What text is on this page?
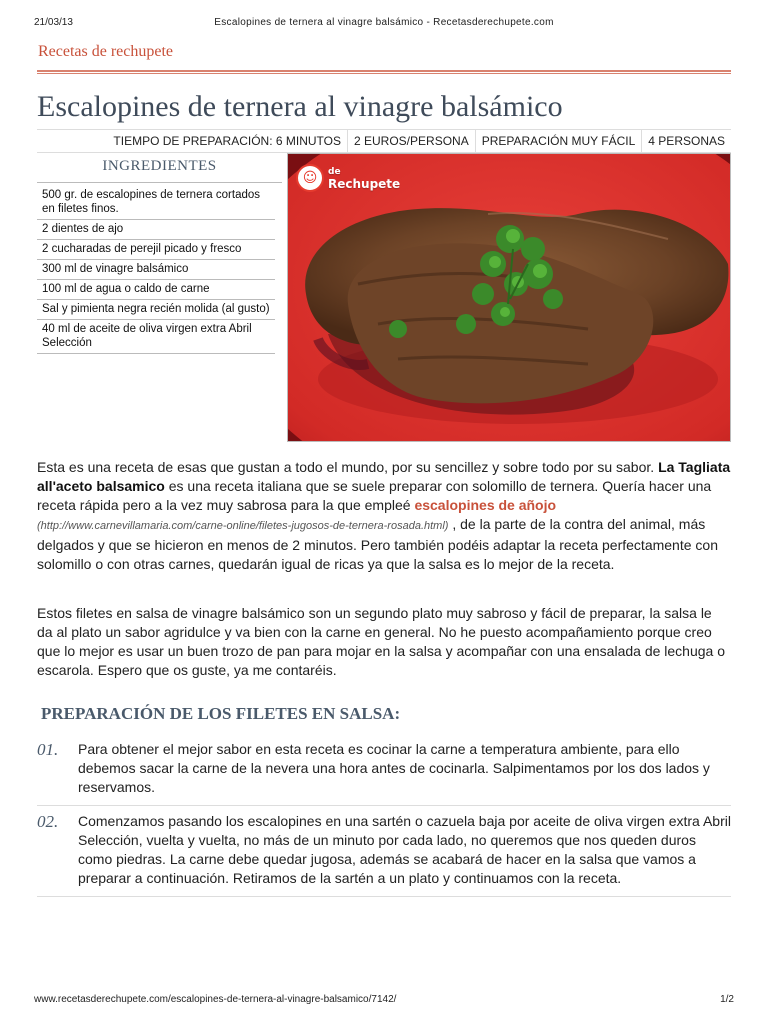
21/03/13	Escalopines de ternera al vinagre balsámico - Recetasderechupete.com
Recetas de rechupete
Escalopines de ternera al vinagre balsámico
TIEMPO DE PREPARACIÓN: 6 MINUTOS	2 EUROS/PERSONA	PREPARACIÓN MUY FÁCIL	4 PERSONAS
INGREDIENTES
500 gr. de escalopines de ternera cortados en filetes finos.
2 dientes de ajo
2 cucharadas de perejil picado y fresco
300 ml de vinagre balsámico
100 ml de agua o caldo de carne
Sal y pimienta negra recién molida (al gusto)
40 ml de aceite de oliva virgen extra Abril Selección
☺	de
Rechupete

Esta es una receta de esas que gustan a todo el mundo, por su sencillez y sobre todo por su sabor. La Tagliata all'aceto balsamico es una receta italiana que se suele preparar con solomillo de ternera. Quería hacer una receta rápida pero a la vez muy sabrosa para la que empleé escalopines de añojo (http://www.carnevillamaria.com/carne-online/filetes-jugosos-de-ternera-rosada.html) , de la parte de la contra del animal, más delgados y que se hicieron en menos de 2 minutos. Pero también podéis adaptar la receta perfectamente con solomillo o con otras carnes, quedarán igual de ricas ya que la salsa es lo mejor de la receta.

Estos filetes en salsa de vinagre balsámico son un segundo plato muy sabroso y fácil de preparar, la salsa le da al plato un sabor agridulce y va bien con la carne en general. No he puesto acompañamiento porque creo que lo mejor es usar un buen trozo de pan para mojar en la salsa y acompañar con una ensalada de lechuga o escarola. Espero que os guste, ya me contaréis.

PREPARACIÓN DE LOS FILETES EN SALSA:
01. Para obtener el mejor sabor en esta receta es cocinar la carne a temperatura ambiente, para ello debemos sacar la carne de la nevera una hora antes de cocinarla. Salpimentamos por los dos lados y reservamos.

02. Comenzamos pasando los escalopines en una sartén o cazuela baja por aceite de oliva virgen extra Abril Selección, vuelta y vuelta, no más de un minuto por cada lado, no queremos que nos queden duros como piedras. La carne debe quedar jugosa, además se acabará de hacer en la salsa que vamos a preparar a continuación. Retiramos de la sartén a un plato y continuamos con la receta.

www.recetasderechupete.com/escalopines-de-ternera-al-vinagre-balsamico/7142/	1/2
